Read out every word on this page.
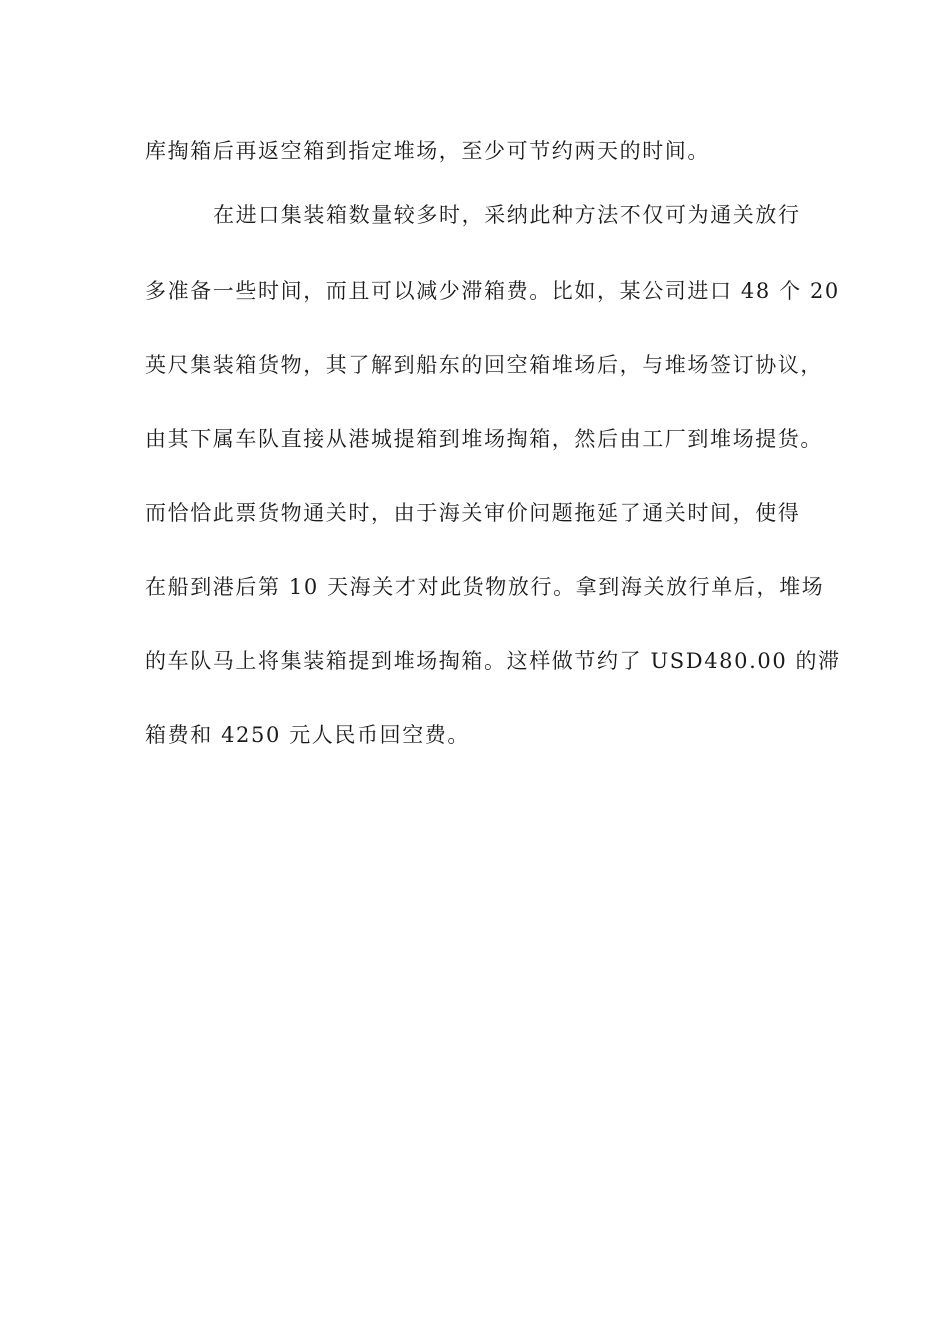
库掏箱后再返空箱到指定堆场，至少可节约两天的时间。
在进口集装箱数量较多时，采纳此种方法不仅可为通关放行
多准备一些时间，而且可以减少滞箱费。比如，某公司进口 48 个 20
英尺集装箱货物，其了解到船东的回空箱堆场后，与堆场签订协议，
由其下属车队直接从港城提箱到堆场掏箱，然后由工厂到堆场提货。
而恰恰此票货物通关时，由于海关审价问题拖延了通关时间，使得
在船到港后第 10 天海关才对此货物放行。拿到海关放行单后，堆场
的车队马上将集装箱提到堆场掏箱。这样做节约了 USD480.00 的滞
箱费和 4250 元人民币回空费。
